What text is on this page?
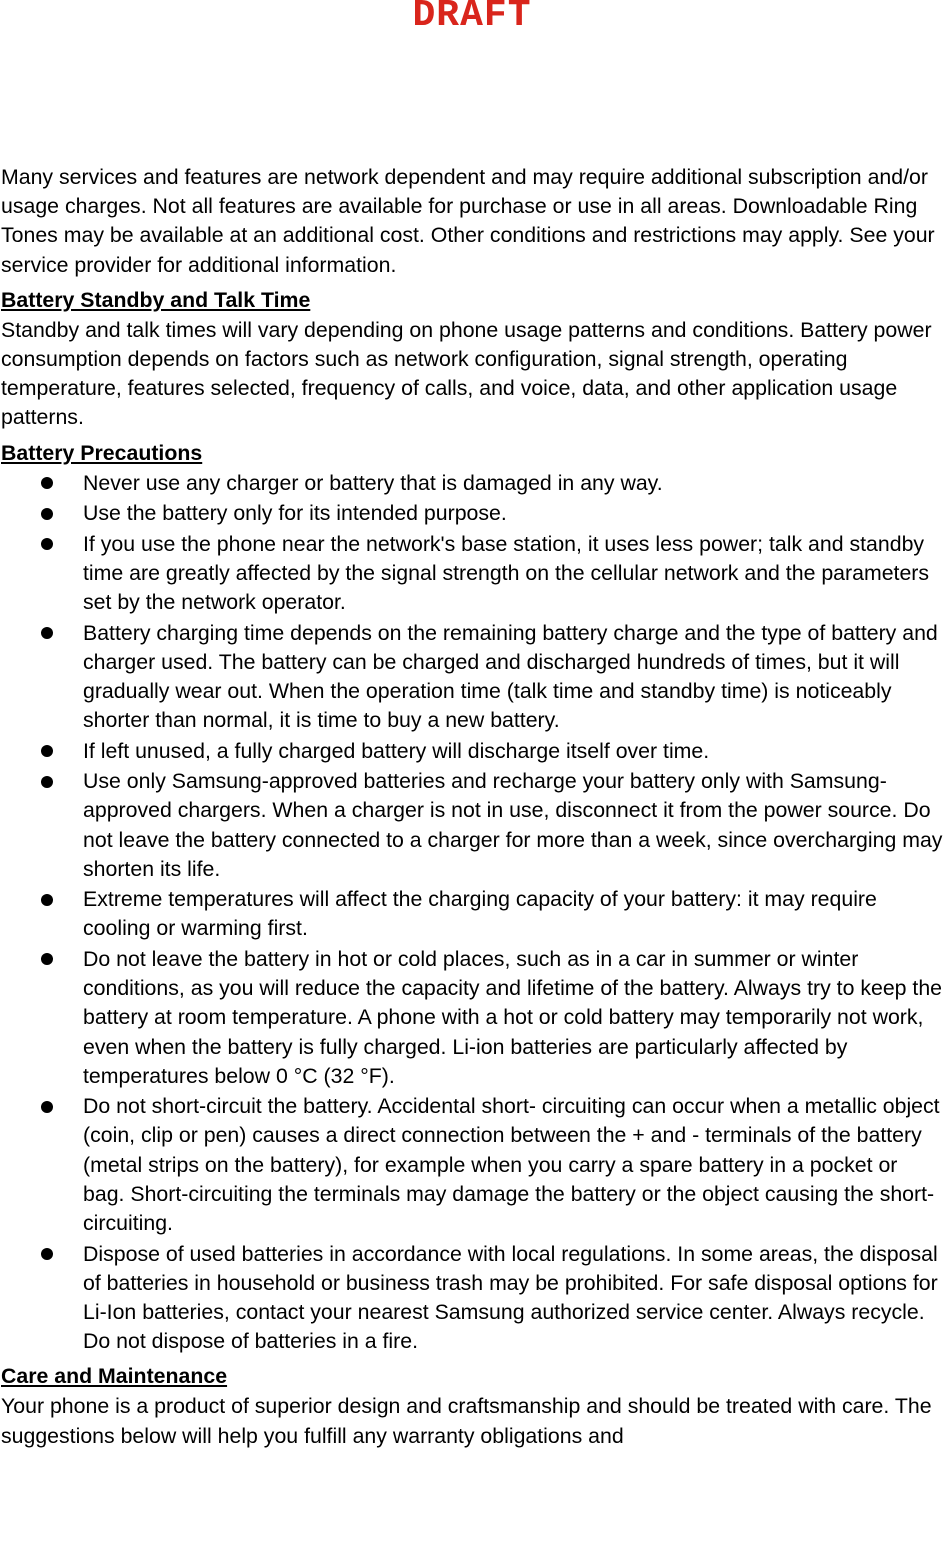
DRAFT

Many services and features are network dependent and may require additional subscription and/or usage charges. Not all features are available for purchase or use in all areas. Downloadable Ring Tones may be available at an additional cost. Other conditions and restrictions may apply. See your service provider for additional information.

Battery Standby and Talk Time

Standby and talk times will vary depending on phone usage patterns and conditions. Battery power consumption depends on factors such as network configuration, signal strength, operating temperature, features selected, frequency of calls, and voice, data, and other application usage patterns.

Battery Precautions
Never use any charger or battery that is damaged in any way.
Use the battery only for its intended purpose.
If you use the phone near the network's base station, it uses less power; talk and standby time are greatly affected by the signal strength on the cellular network and the parameters set by the network operator.
Battery charging time depends on the remaining battery charge and the type of battery and charger used. The battery can be charged and discharged hundreds of times, but it will gradually wear out. When the operation time (talk time and standby time) is noticeably shorter than normal, it is time to buy a new battery.
If left unused, a fully charged battery will discharge itself over time.
Use only Samsung-approved batteries and recharge your battery only with Samsung-approved chargers. When a charger is not in use, disconnect it from the power source. Do not leave the battery connected to a charger for more than a week, since overcharging may shorten its life.
Extreme temperatures will affect the charging capacity of your battery: it may require cooling or warming first.
Do not leave the battery in hot or cold places, such as in a car in summer or winter conditions, as you will reduce the capacity and lifetime of the battery. Always try to keep the battery at room temperature. A phone with a hot or cold battery may temporarily not work, even when the battery is fully charged. Li-ion batteries are particularly affected by temperatures below 0 °C (32 °F).
Do not short-circuit the battery. Accidental short- circuiting can occur when a metallic object (coin, clip or pen) causes a direct connection between the + and - terminals of the battery (metal strips on the battery), for example when you carry a spare battery in a pocket or bag. Short-circuiting the terminals may damage the battery or the object causing the short-circuiting.
Dispose of used batteries in accordance with local regulations. In some areas, the disposal of batteries in household or business trash may be prohibited. For safe disposal options for Li-Ion batteries, contact your nearest Samsung authorized service center. Always recycle. Do not dispose of batteries in a fire.
Care and Maintenance

Your phone is a product of superior design and craftsmanship and should be treated with care. The suggestions below will help you fulfill any warranty obligations and
